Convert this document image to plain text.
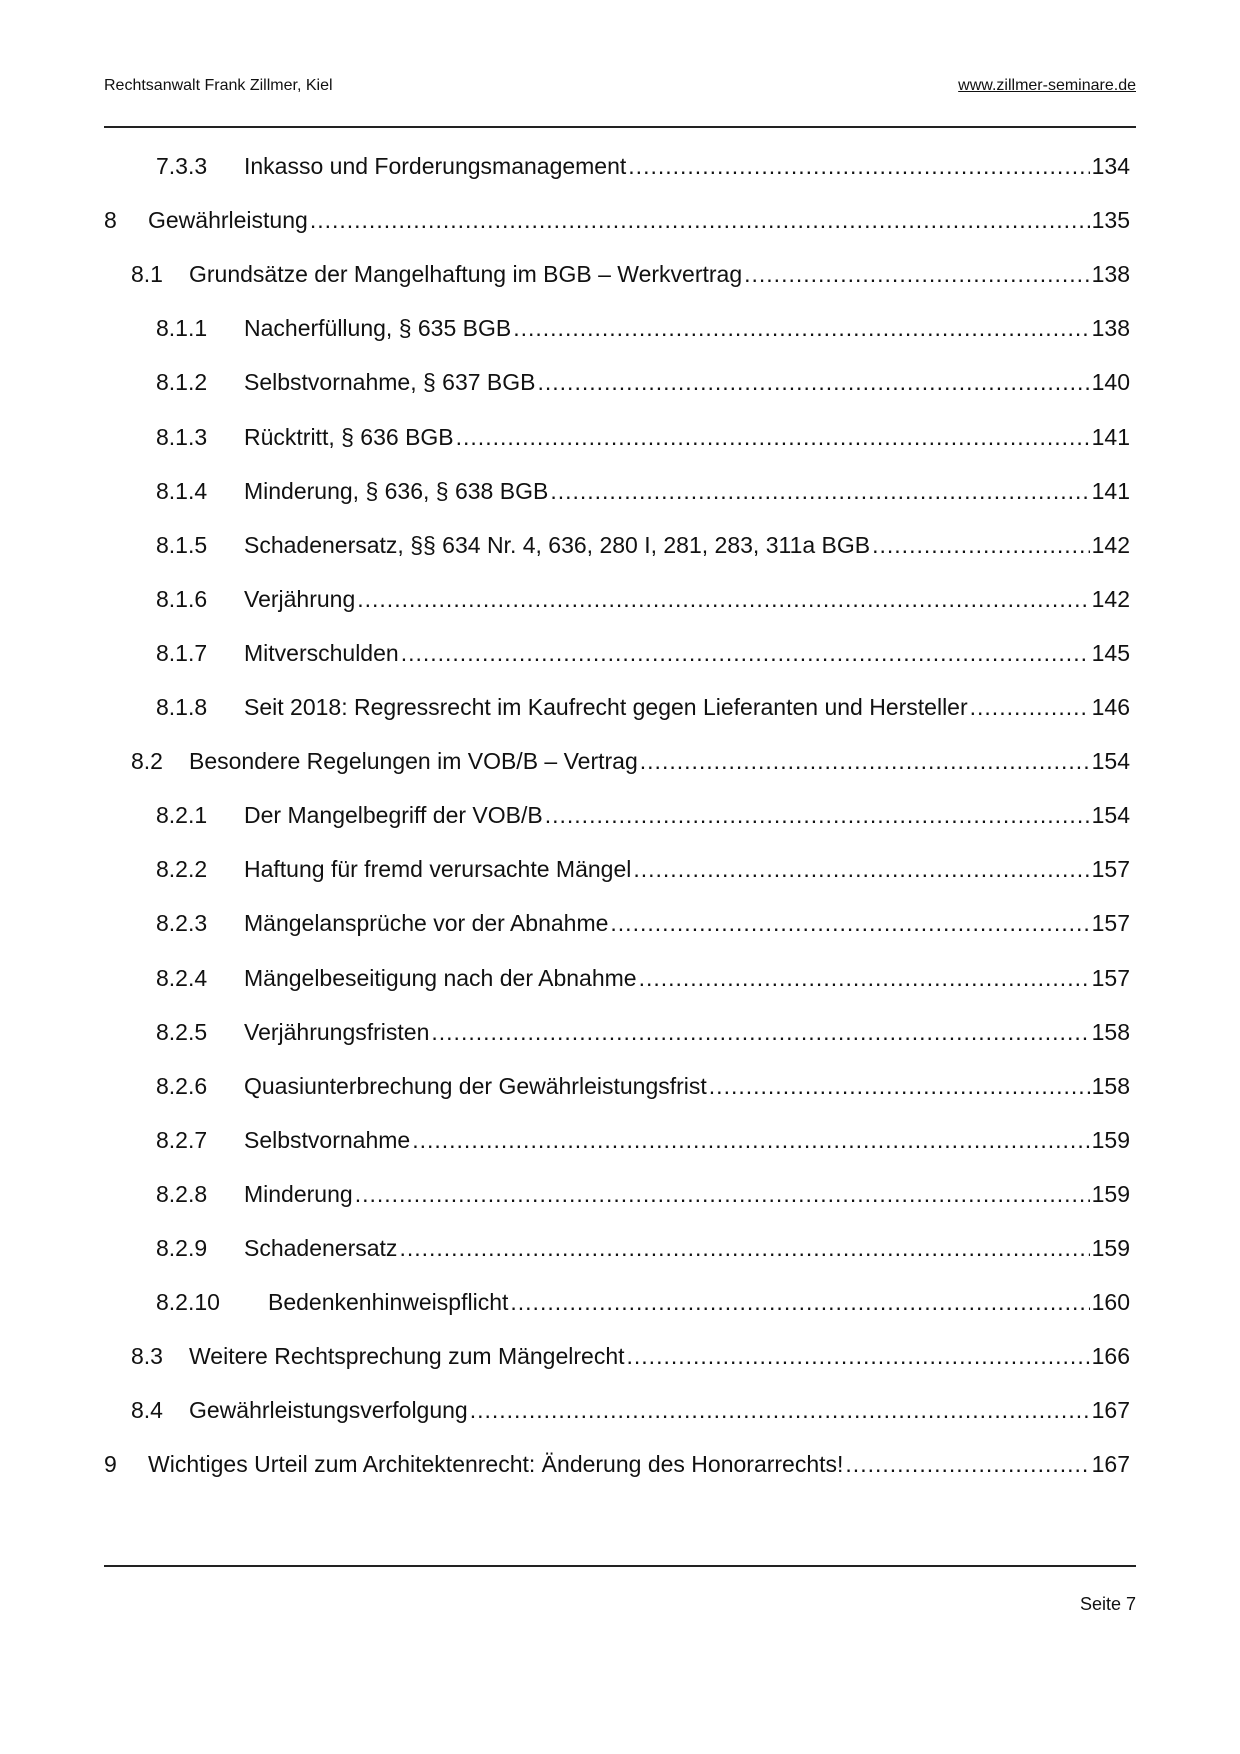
Rechtsanwalt Frank Zillmer, Kiel	www.zillmer-seminare.de
7.3.3 Inkasso und Forderungsmanagement .....	134
8 Gewährleistung .....	135
8.1 Grundsätze der Mangelhaftung im BGB – Werkvertrag .....	138
8.1.1 Nacherfüllung, § 635 BGB .....	138
8.1.2 Selbstvornahme, § 637 BGB .....	140
8.1.3 Rücktritt, § 636 BGB .....	141
8.1.4 Minderung, § 636, § 638 BGB .....	141
8.1.5 Schadenersatz, §§ 634 Nr. 4, 636, 280 I, 281, 283, 311a BGB .....	142
8.1.6 Verjährung .....	142
8.1.7 Mitverschulden .....	145
8.1.8 Seit 2018: Regressrecht im Kaufrecht gegen Lieferanten und Hersteller .....	146
8.2 Besondere Regelungen im VOB/B – Vertrag .....	154
8.2.1 Der Mangelbegriff der VOB/B .....	154
8.2.2 Haftung für fremd verursachte Mängel .....	157
8.2.3 Mängelansprüche vor der Abnahme .....	157
8.2.4 Mängelbeseitigung nach der Abnahme .....	157
8.2.5 Verjährungsfristen .....	158
8.2.6 Quasiunterbrechung der Gewährleistungsfrist .....	158
8.2.7 Selbstvornahme .....	159
8.2.8 Minderung .....	159
8.2.9 Schadenersatz .....	159
8.2.10 Bedenkenhinweispflicht .....	160
8.3 Weitere Rechtsprechung zum Mängelrecht .....	166
8.4 Gewährleistungsverfolgung .....	167
9 Wichtiges Urteil zum Architektenrecht: Änderung des Honorarrechts! .....	167
Seite 7
